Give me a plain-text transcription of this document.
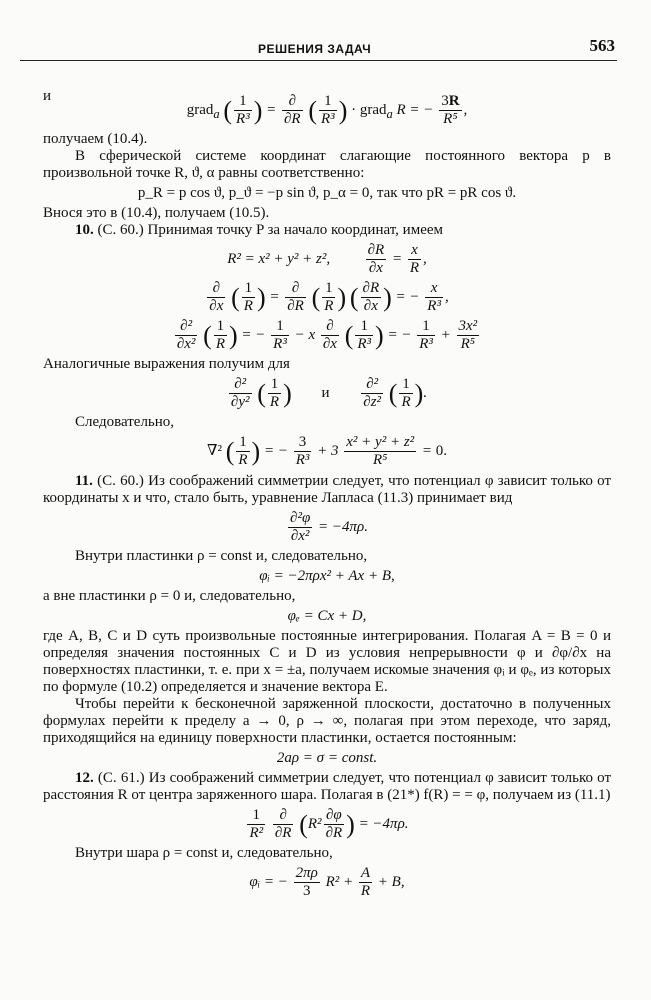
РЕШЕНИЯ ЗАДАЧ	563

и

grad$_a$ ( $\frac{1}{\text{R³}}$ ) = $\frac{\partial}{\partial R}$ ( $\frac{1}{\text{R³}}$ ) · grad$_a$ R = − $\frac{3R}{\text{R⁵}}$ ,

получаем (10.4).

В сферической системе координат слагающие постоянного вектора p в произвольной точке R, ϑ, α равны соответственно:

p_R = p cos ϑ, p_ϑ = −p sin ϑ, p_α = 0, так что pR = pR cos ϑ.

Внося это в (10.4), получаем (10.5).

10. (С. 60.) Принимая точку P за начало координат, имеем

R² = x² + y² + z², $\frac{\partial R}{\partial x} = \frac{x}{R}$ ,
$\frac{\partial}{\partial x}$ ( $\frac{1}{R}$ ) = $\frac{\partial}{\partial R}$ ( $\frac{1}{R}$ ) ( $\frac{\partial R}{\partial x}$ ) = − $\frac{x}{\text{R³}}$ ,
$\frac{\text{∂²}}{\text{∂x²}}$ ( $\frac{1}{R}$ ) = − $\frac{1}{\text{R³}} - x \frac{\partial}{\partial x}$ ( $\frac{1}{\text{R³}}$ ) = − $\frac{1}{\text{R³}} + \frac{\text{3x²}}{\text{R⁵}}$

Аналогичные выражения получим для

$\frac{\text{∂²}}{\text{∂y²}}$ ( $\frac{1}{R}$ ) и $\frac{\text{∂²}}{\text{∂z²}}$ ( $\frac{1}{R}$ ).

Следовательно,

∇² ( $\frac{1}{R}$ ) = − $\frac{3}{\text{R³}} + 3 \frac{\text{x² + y² + z²}}{\text{R⁵}} = 0$.

11. (С. 60.) Из соображений симметрии следует, что потенциал φ зависит только от координаты x и что, стало быть, уравнение Лапласа (11.3) принимает вид

$\frac{\text{∂²φ}}{\text{∂x²}} = -4\pi\rho$.

Внутри пластинки ρ = const и, следовательно,

φᵢ = −2πρx² + Ax + B,

а вне пластинки ρ = 0 и, следовательно,

φₑ = Cx + D,

где A, B, C и D суть произвольные постоянные интегрирования. Полагая A = B = 0 и определяя значения постоянных C и D из условия непрерывности φ и ∂φ/∂x на поверхностях пластинки, т. е. при x = ±a, получаем искомые значения φᵢ и φₑ, из которых по формуле (10.2) определяется и значение вектора E.

Чтобы перейти к бесконечной заряженной плоскости, достаточно в полученных формулах перейти к пределу a → 0, ρ → ∞, полагая при этом переходе, что заряд, приходящийся на единицу поверхности пластинки, остается постоянным:

2aρ = σ = const.

12. (С. 61.) Из соображений симметрии следует, что потенциал φ зависит только от расстояния R от центра заряженного шара. Полагая в (21*) f(R) = = φ, получаем из (11.1)

$\frac{1}{\text{R²}}$
$\frac{\partial}{\partial R} (R^2 \frac{\partial\varphi}{\partial R}$ ) = −4πρ.

Внутри шара ρ = const и, следовательно,

φᵢ = − $\frac{2\pi\rho}{3} R^2 + \frac{A}{R} + B$,
